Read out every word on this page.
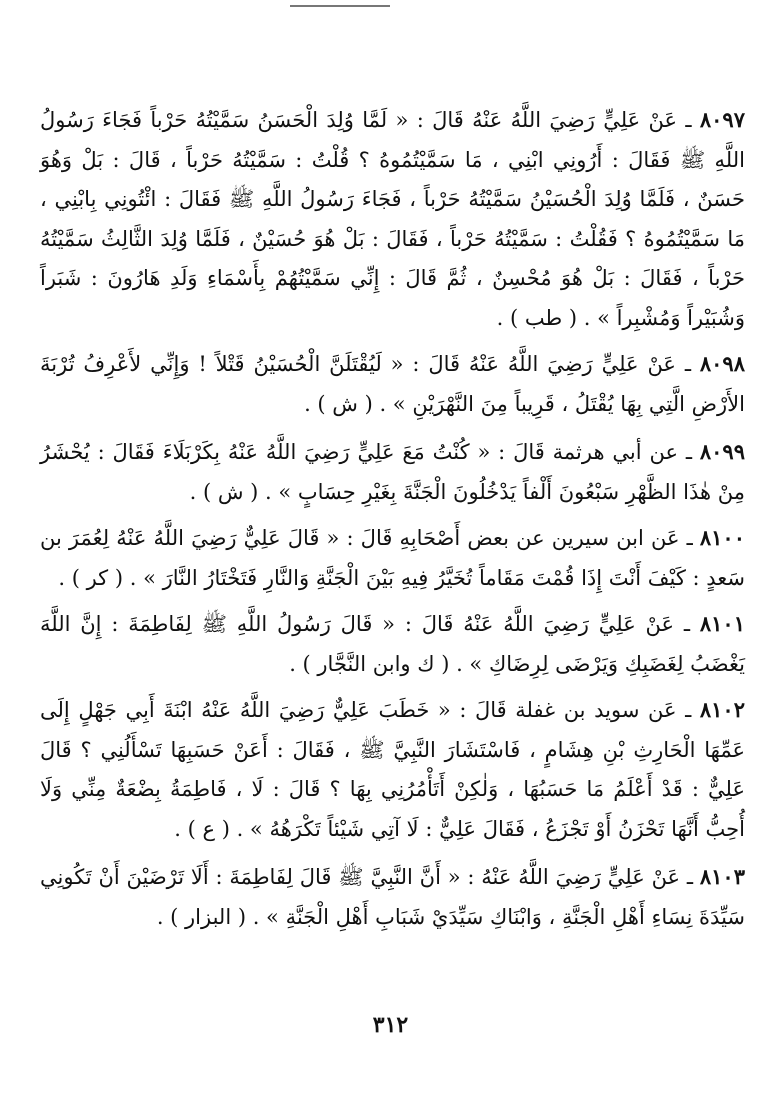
٨٠٩٧ ـ عَنْ عَلِيٍّ رَضِيَ اللَّهُ عَنْهُ قَالَ : « لَمَّا وُلِدَ الْحَسَنُ سَمَّيْتُهُ حَرْباً فَجَاءَ رَسُولُ اللَّهِ ﷺ فَقَالَ : أَرُونِي ابْنِي ، مَا سَمَّيْتُمُوهُ ؟ قُلْتُ : سَمَّيْتُهُ حَرْباً ، قَالَ : بَلْ وَهُوَ حَسَنٌ ، فَلَمَّا وُلِدَ الْحُسَيْنُ سَمَّيْتُهُ حَرْباً ، فَجَاءَ رَسُولُ اللَّهِ ﷺ فَقَالَ : ائْتُونِي بِابْنِي ، مَا سَمَّيْتُمُوهُ ؟ فَقُلْتُ : سَمَّيْتُهُ حَرْباً ، فَقَالَ : بَلْ هُوَ حُسَيْنٌ ، فَلَمَّا وُلِدَ الثَّالِثُ سَمَّيْتُهُ حَرْباً ، فَقَالَ : بَلْ هُوَ مُحْسِنٌ ، ثُمَّ قَالَ : إِنِّي سَمَّيْتُهُمْ بِأَسْمَاءِ وَلَدِ هَارُونَ : شَبَراً وَشُبَيْراً وَمُشْبِراً » . ( طب ) .

٨٠٩٨ ـ عَنْ عَلِيٍّ رَضِيَ اللَّهُ عَنْهُ قَالَ : « لَيُقْتَلَنَّ الْحُسَيْنُ قَتْلاً ! وَإِنِّي لأَعْرِفُ تُرْبَةَ الأَرْضِ الَّتِي بِهَا يُقْتَلُ ، قَرِيباً مِنَ النَّهْرَيْنِ » . ( ش ) .

٨٠٩٩ ـ عن أبي هرثمة قَالَ : « كُنْتُ مَعَ عَلِيٍّ رَضِيَ اللَّهُ عَنْهُ بِكَرْبَلَاءَ فَقَالَ : يُحْشَرُ مِنْ هٰذَا الظَّهْرِ سَبْعُونَ أَلْفاً يَدْخُلُونَ الْجَنَّةَ بِغَيْرِ حِسَابٍ » . ( ش ) .

٨١٠٠ ـ عَن ابن سيرين عن بعض أَصْحَابِهِ قَالَ : « قَالَ عَلِيٌّ رَضِيَ اللَّهُ عَنْهُ لِعُمَرَ بن سَعدٍ : كَيْفَ أَنْتَ إِذَا قُمْتَ مَقَاماً تُخَيَّرُ فِيهِ بَيْنَ الْجَنَّةِ وَالنَّارِ فَتَخْتَارُ النَّارَ » . ( كر ) .

٨١٠١ ـ عَنْ عَلِيٍّ رَضِيَ اللَّهُ عَنْهُ قَالَ : « قَالَ رَسُولُ اللَّهِ ﷺ لِفَاطِمَةَ : إِنَّ اللَّهَ يَغْضَبُ لِغَضَبِكِ وَيَرْضَى لِرِضَاكِ » . ( ك وابن النَّجَّار ) .

٨١٠٢ ـ عَن سويد بن غفلة قَالَ : « خَطَبَ عَلِيٌّ رَضِيَ اللَّهُ عَنْهُ ابْنَةَ أَبِي جَهْلٍ إِلَى عَمِّهَا الْحَارِثِ بْنِ هِشَامٍ ، فَاسْتَشَارَ النَّبِيَّ ﷺ ، فَقَالَ : أَعَنْ حَسَبِهَا تَسْأَلُنِي ؟ قَالَ عَلِيٌّ : قَدْ أَعْلَمُ مَا حَسَبُهَا ، وَلٰكِنْ أَتَأْمُرُنِي بِهَا ؟ قَالَ : لَا ، فَاطِمَةُ بِضْعَةٌ مِنِّي وَلَا أُحِبُّ أَنَّهَا تَحْزَنُ أَوْ تَجْزَعُ ، فَقَالَ عَلِيٌّ : لَا آتِي شَيْئاً تَكْرَهُهُ » . ( ع ) .

٨١٠٣ ـ عَنْ عَلِيٍّ رَضِيَ اللَّهُ عَنْهُ : « أَنَّ النَّبِيَّ ﷺ قَالَ لِفَاطِمَةَ : أَلَا تَرْضَيْنَ أَنْ تَكُونِي سَيِّدَةَ نِسَاءِ أَهْلِ الْجَنَّةِ ، وَابْنَاكِ سَيِّدَيْ شَبَابِ أَهْلِ الْجَنَّةِ » . ( البزار ) .

٣١٢
